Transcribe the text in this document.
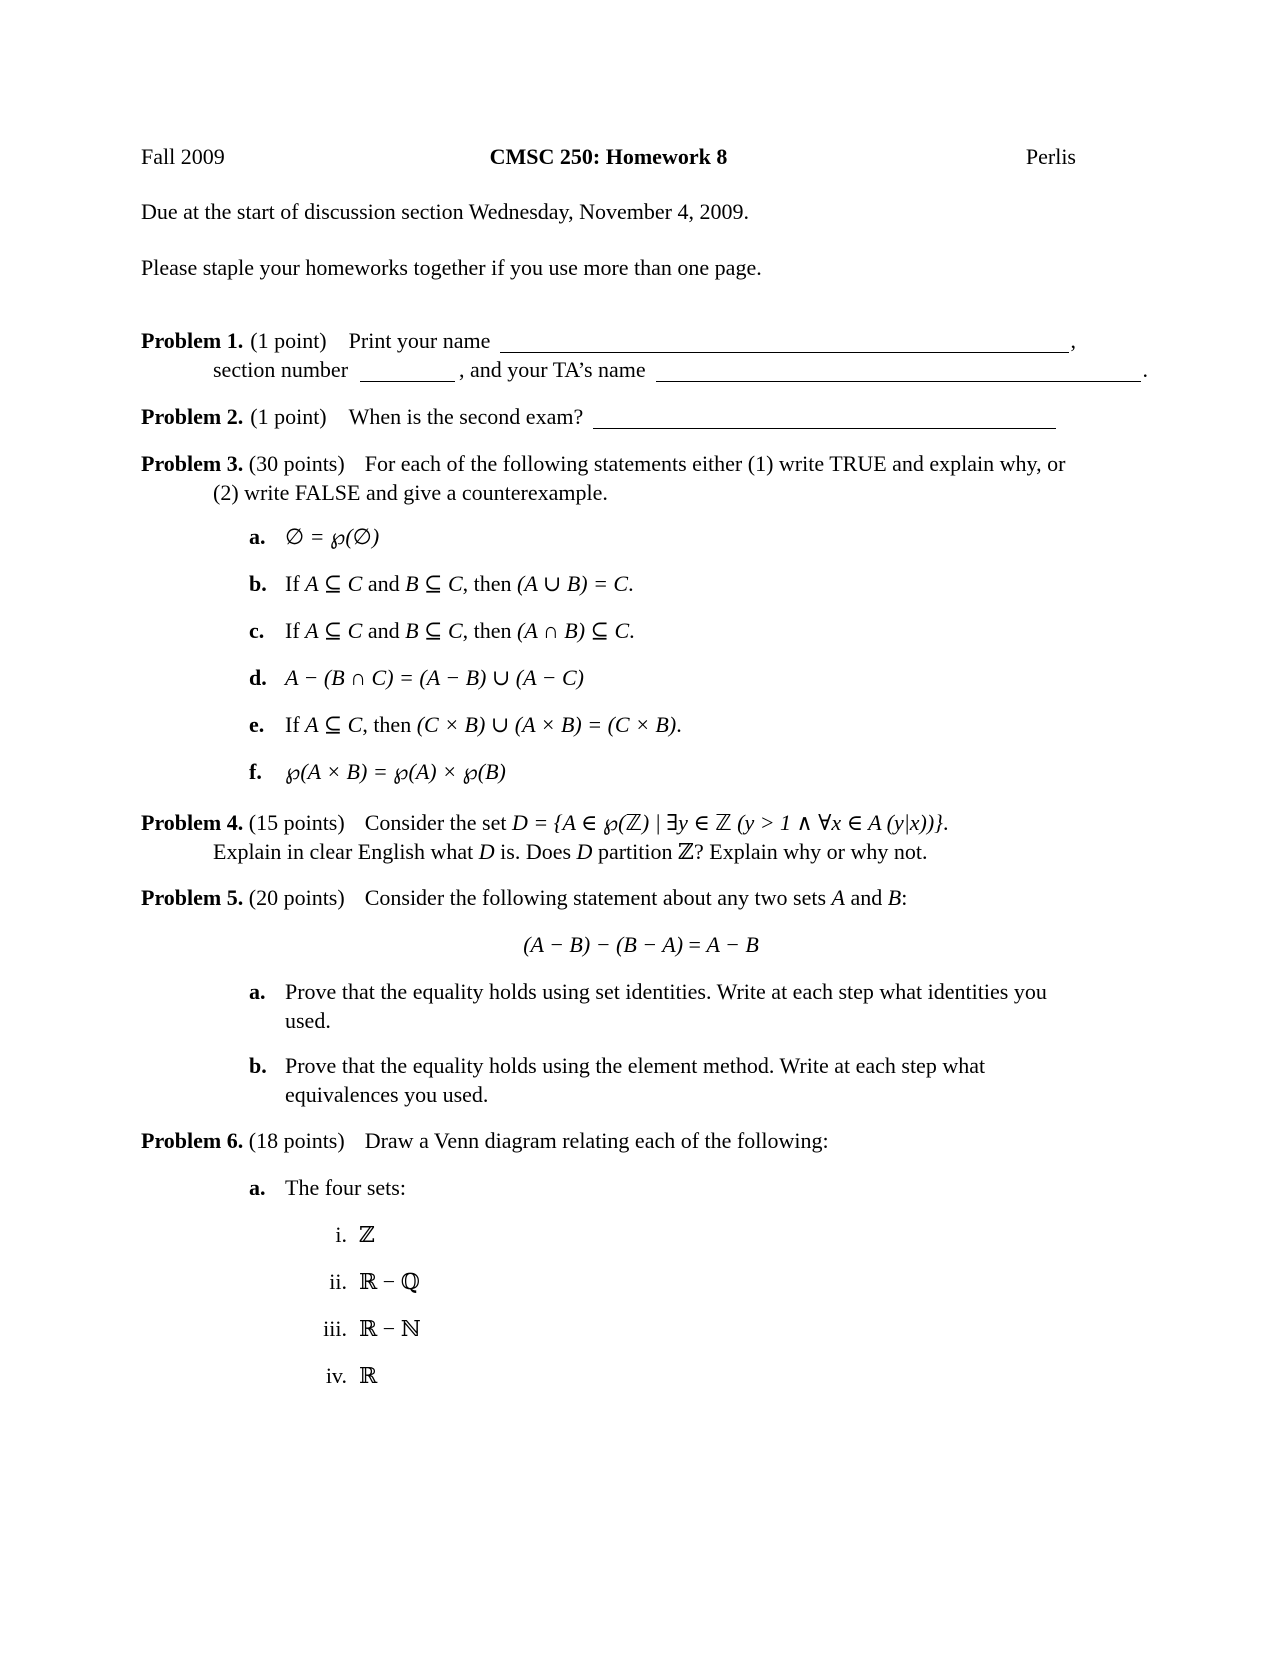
Fall 2009	CMSC 250: Homework 8	Perlis

Due at the start of discussion section Wednesday, November 4, 2009.

Please staple your homeworks together if you use more than one page.

Problem 1. (1 point) Print your name	,
section number	, and your TA’s name	.
Problem 2. (1 point) When is the second exam?

Problem 3. (30 points) For each of the following statements either (1) write TRUE and explain why, or (2) write FALSE and give a counterexample.

a. ∅ = ℘(∅)
b. If A ⊆ C and B ⊆ C, then (A ∪ B) = C.
c. If A ⊆ C and B ⊆ C, then (A ∩ B) ⊆ C.
d. A − (B ∩ C) = (A − B) ∪ (A − C)
e. If A ⊆ C, then (C × B) ∪ (A × B) = (C × B).
f.	℘(A × B) = ℘(A) × ℘(B)

Problem 4. (15 points) Consider the set D = {A ∈ ℘(ℤ) | ∃y ∈ ℤ (y > 1 ∧ ∀x ∈ A (y|x))}.

Explain in clear English what D is. Does D partition ℤ? Explain why or why not.

Problem 5. (20 points) Consider the following statement about any two sets A and B:

(A − B) − (B − A) = A − B
a. Prove that the equality holds using set identities. Write at each step what identities you used.
b. Prove that the equality holds using the element method. Write at each step what equivalences you used.

Problem 6. (18 points) Draw a Venn diagram relating each of the following:

a. The four sets:
i. ℤ
ii. ℝ − ℚ
iii. ℝ − ℕ
iv. ℝ
